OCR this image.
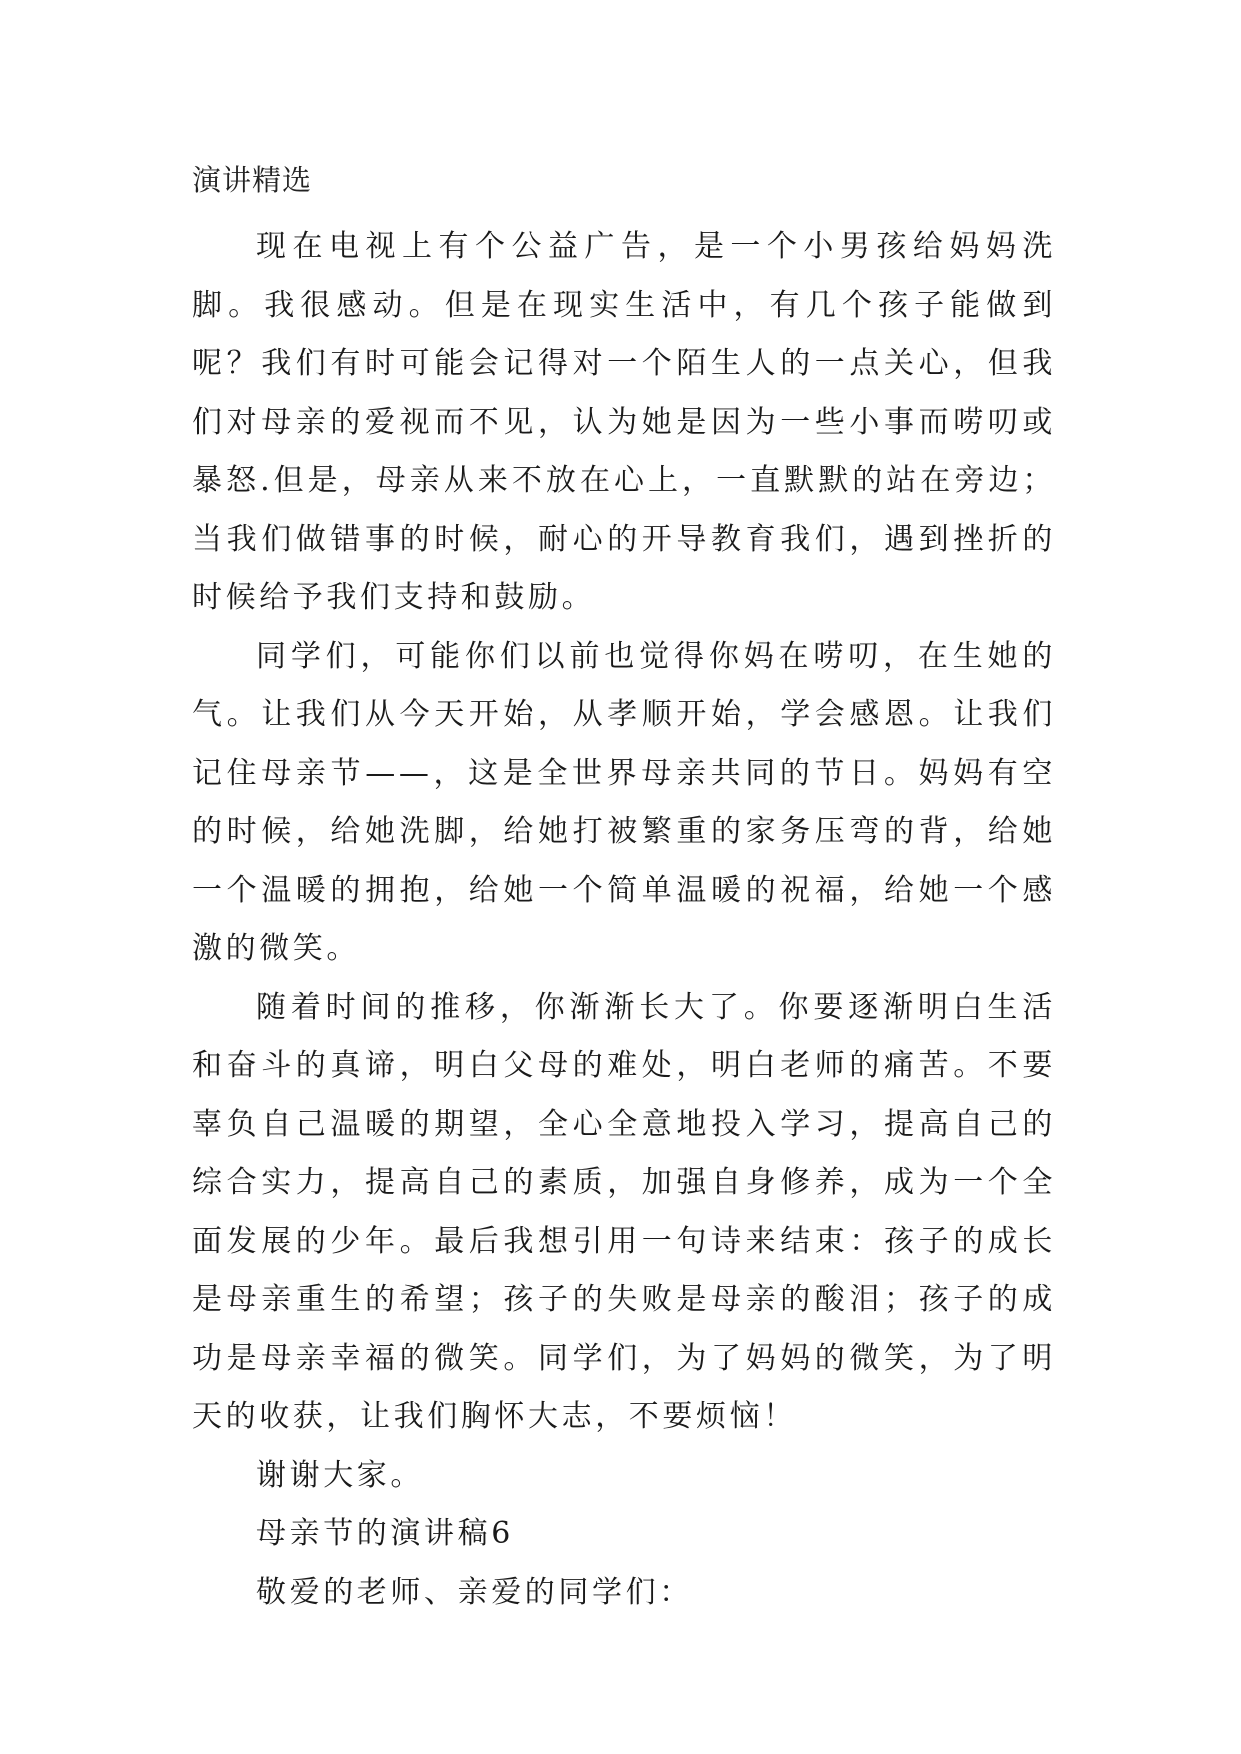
演讲精选

现在电视上有个公益广告，是一个小男孩给妈妈洗脚。我很感动。但是在现实生活中，有几个孩子能做到呢？我们有时可能会记得对一个陌生人的一点关心，但我们对母亲的爱视而不见，认为她是因为一些小事而唠叨或暴怒.但是，母亲从来不放在心上，一直默默的站在旁边；当我们做错事的时候，耐心的开导教育我们，遇到挫折的时候给予我们支持和鼓励。

同学们，可能你们以前也觉得你妈在唠叨，在生她的气。让我们从今天开始，从孝顺开始，学会感恩。让我们记住母亲节——，这是全世界母亲共同的节日。妈妈有空的时候，给她洗脚，给她打被繁重的家务压弯的背，给她一个温暖的拥抱，给她一个简单温暖的祝福，给她一个感激的微笑。

随着时间的推移，你渐渐长大了。你要逐渐明白生活和奋斗的真谛，明白父母的难处，明白老师的痛苦。不要辜负自己温暖的期望，全心全意地投入学习，提高自己的综合实力，提高自己的素质，加强自身修养，成为一个全面发展的少年。最后我想引用一句诗来结束：孩子的成长是母亲重生的希望；孩子的失败是母亲的酸泪；孩子的成功是母亲幸福的微笑。同学们，为了妈妈的微笑，为了明天的收获，让我们胸怀大志，不要烦恼！

谢谢大家。

母亲节的演讲稿6

敬爱的老师、亲爱的同学们：
